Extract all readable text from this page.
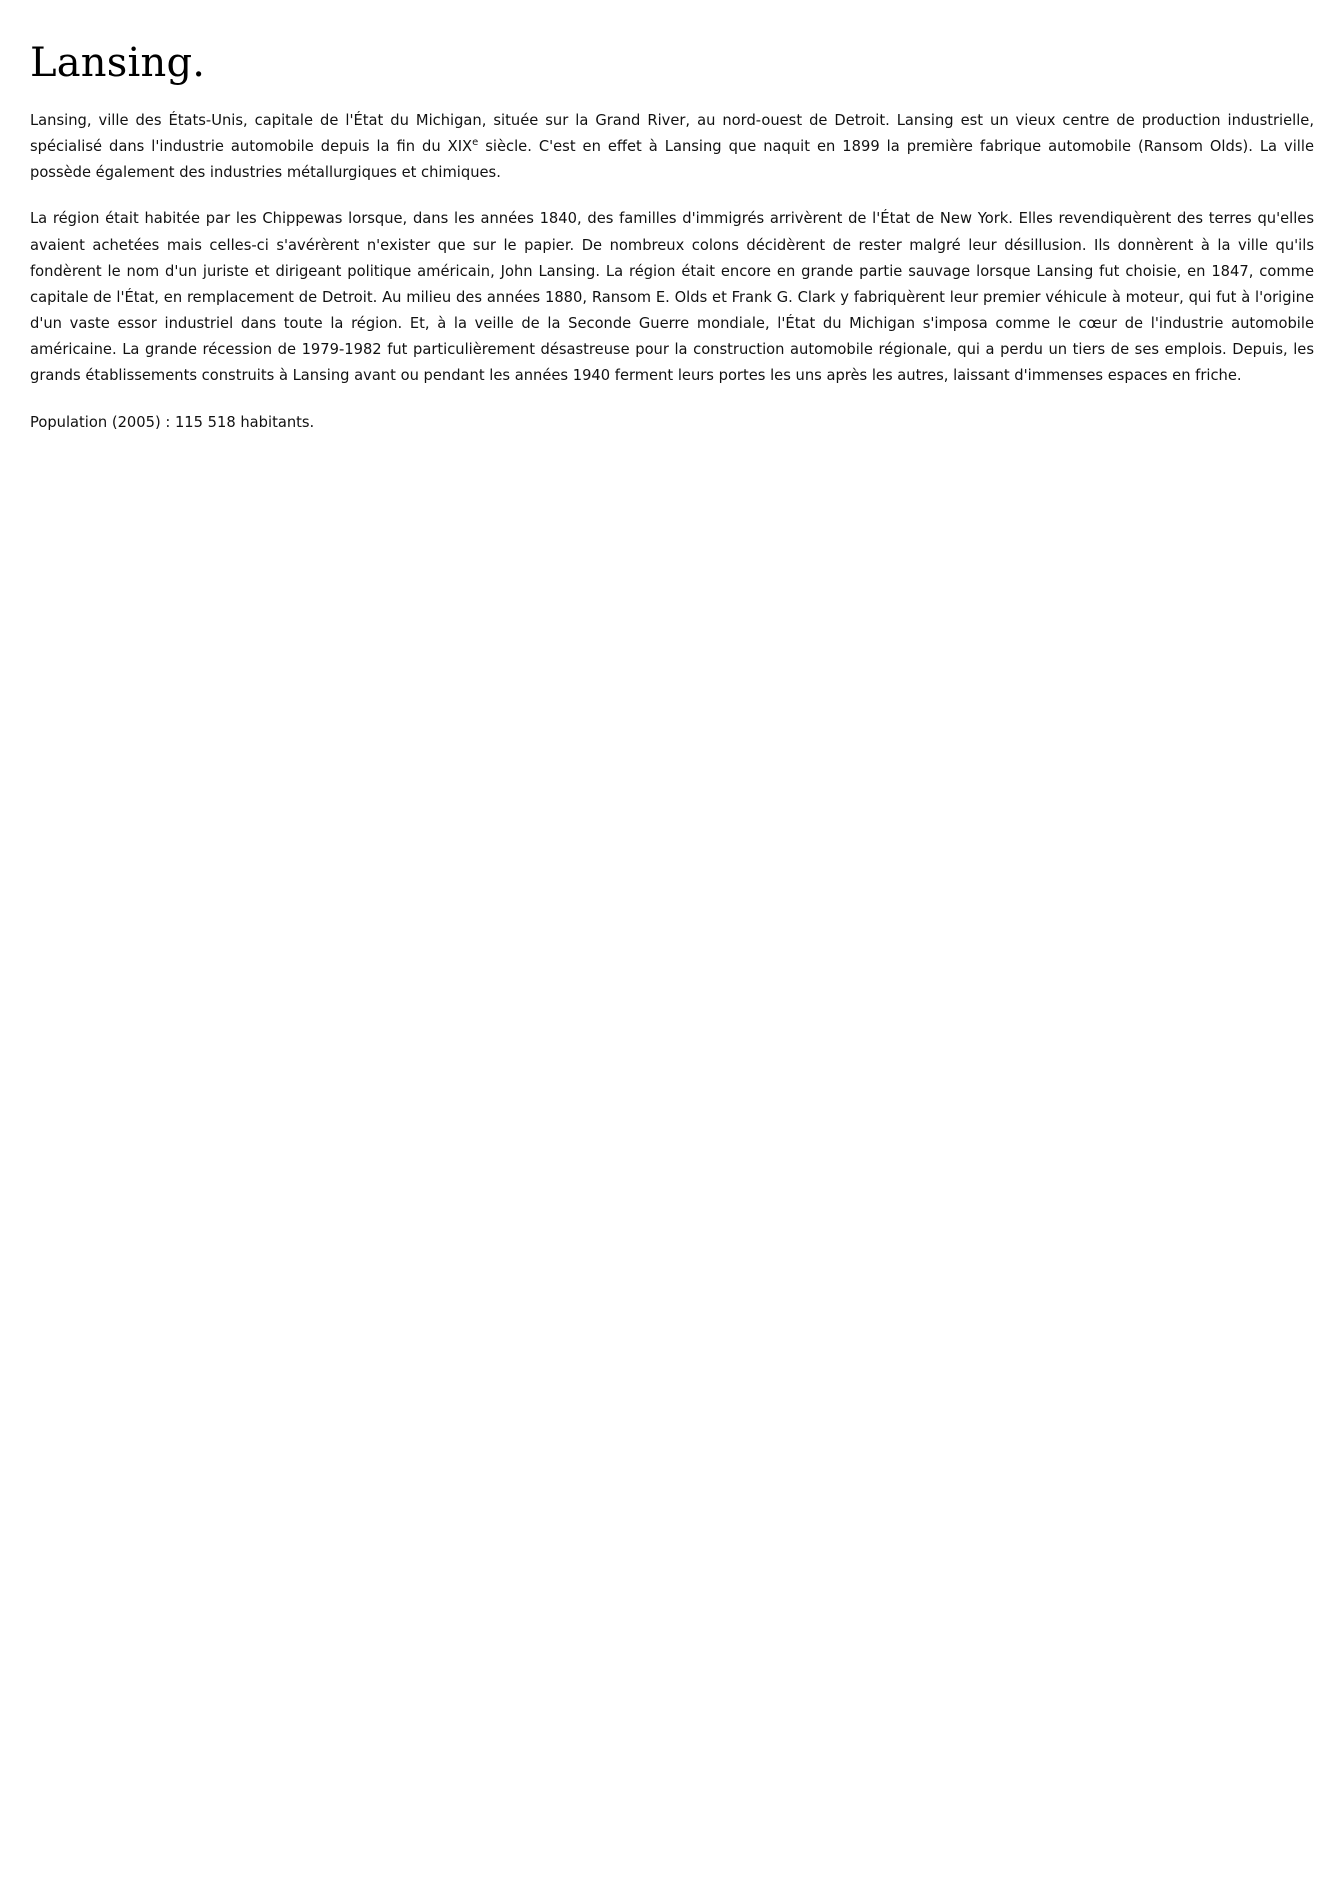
Lansing.

Lansing, ville des États-Unis, capitale de l'État du Michigan, située sur la Grand River, au nord-ouest de Detroit. Lansing est un vieux centre de production industrielle, spécialisé dans l'industrie automobile depuis la fin du XIXe siècle. C'est en effet à Lansing que naquit en 1899 la première fabrique automobile (Ransom Olds). La ville possède également des industries métallurgiques et chimiques.

La région était habitée par les Chippewas lorsque, dans les années 1840, des familles d'immigrés arrivèrent de l'État de New York. Elles revendiquèrent des terres qu'elles avaient achetées mais celles-ci s'avérèrent n'exister que sur le papier. De nombreux colons décidèrent de rester malgré leur désillusion. Ils donnèrent à la ville qu'ils fondèrent le nom d'un juriste et dirigeant politique américain, John Lansing. La région était encore en grande partie sauvage lorsque Lansing fut choisie, en 1847, comme capitale de l'État, en remplacement de Detroit. Au milieu des années 1880, Ransom E. Olds et Frank G. Clark y fabriquèrent leur premier véhicule à moteur, qui fut à l'origine d'un vaste essor industriel dans toute la région. Et, à la veille de la Seconde Guerre mondiale, l'État du Michigan s'imposa comme le cœur de l'industrie automobile américaine. La grande récession de 1979-1982 fut particulièrement désastreuse pour la construction automobile régionale, qui a perdu un tiers de ses emplois. Depuis, les grands établissements construits à Lansing avant ou pendant les années 1940 ferment leurs portes les uns après les autres, laissant d'immenses espaces en friche.

Population (2005) : 115 518 habitants.
